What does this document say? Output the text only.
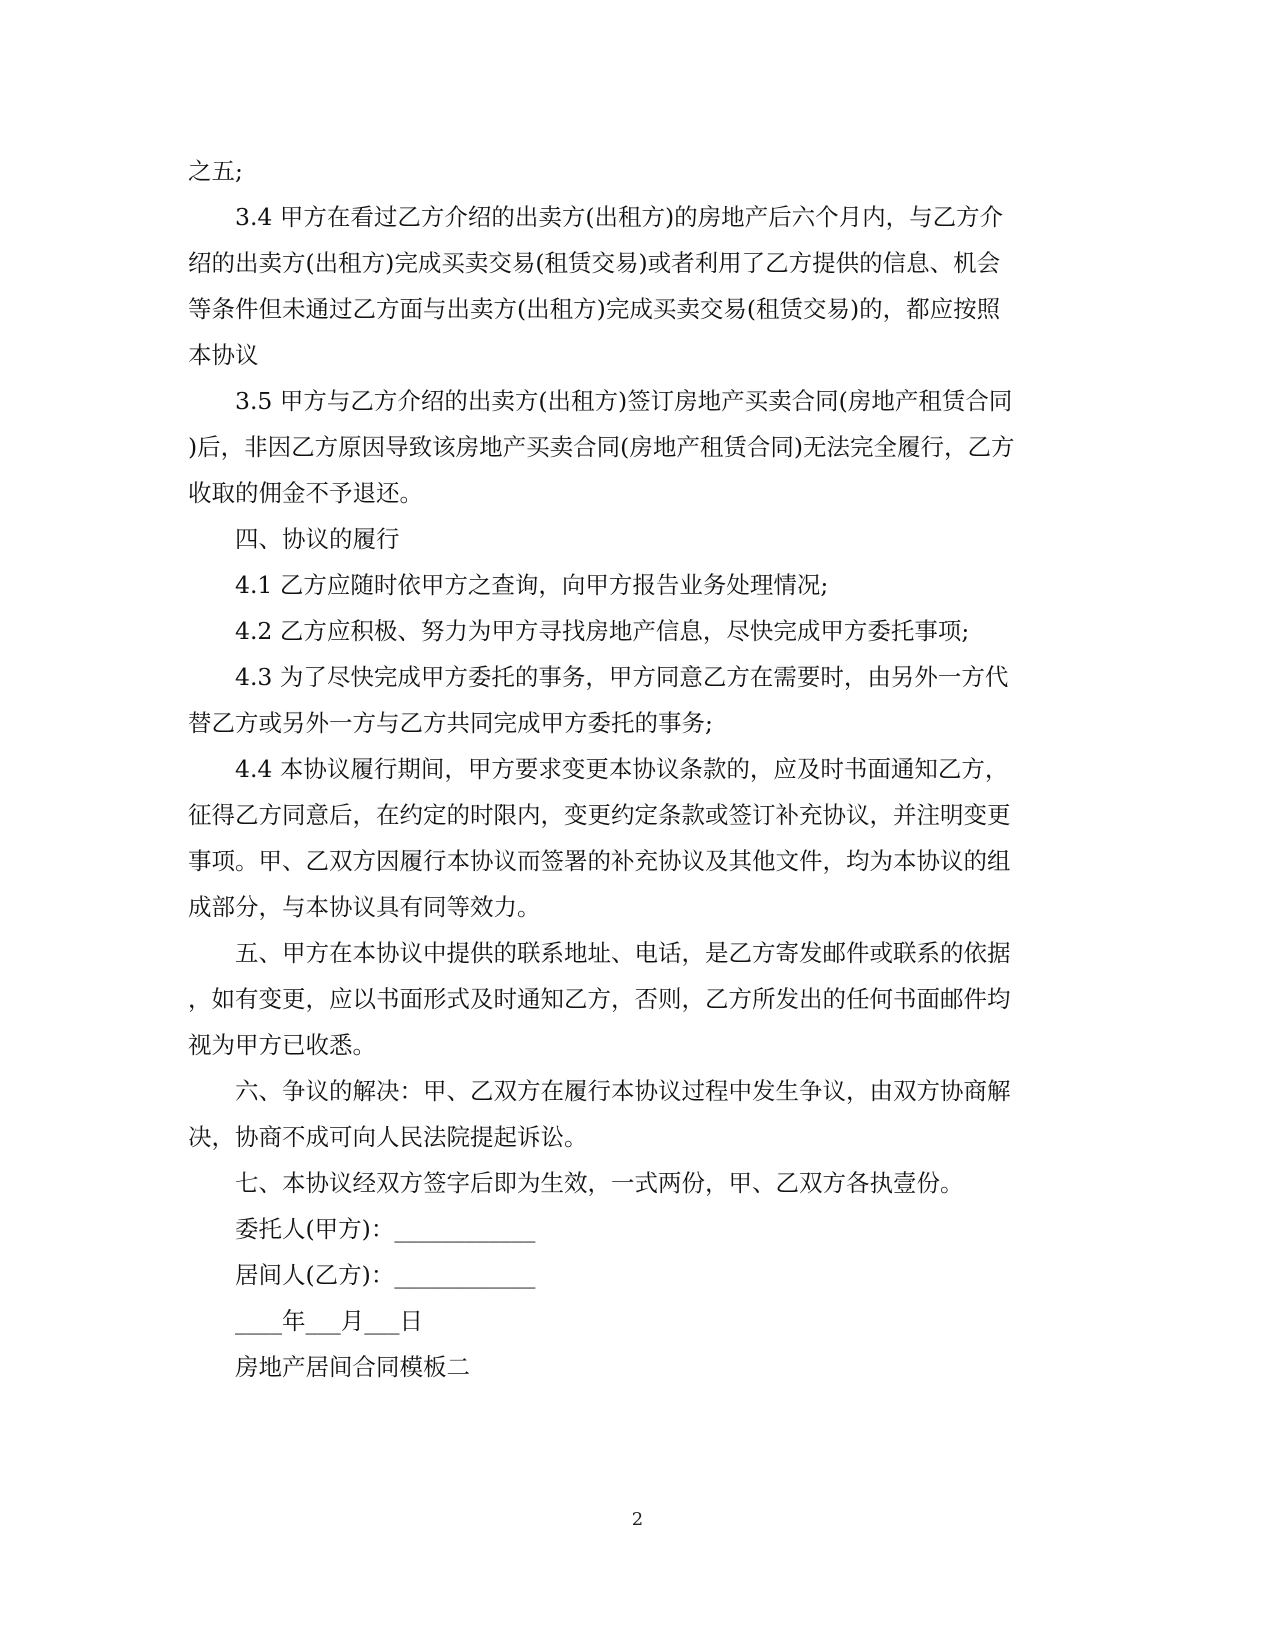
之五;
3.4 甲方在看过乙方介绍的出卖方(出租方)的房地产后六个月内，与乙方介
绍的出卖方(出租方)完成买卖交易(租赁交易)或者利用了乙方提供的信息、机会
等条件但未通过乙方面与出卖方(出租方)完成买卖交易(租赁交易)的，都应按照
本协议
3.5 甲方与乙方介绍的出卖方(出租方)签订房地产买卖合同(房地产租赁合同
)后，非因乙方原因导致该房地产买卖合同(房地产租赁合同)无法完全履行，乙方
收取的佣金不予退还。
四、协议的履行
4.1 乙方应随时依甲方之查询，向甲方报告业务处理情况;
4.2 乙方应积极、努力为甲方寻找房地产信息，尽快完成甲方委托事项;
4.3 为了尽快完成甲方委托的事务，甲方同意乙方在需要时，由另外一方代
替乙方或另外一方与乙方共同完成甲方委托的事务;
4.4 本协议履行期间，甲方要求变更本协议条款的，应及时书面通知乙方，
征得乙方同意后，在约定的时限内，变更约定条款或签订补充协议，并注明变更
事项。甲、乙双方因履行本协议而签署的补充协议及其他文件，均为本协议的组
成部分，与本协议具有同等效力。
五、甲方在本协议中提供的联系地址、电话，是乙方寄发邮件或联系的依据
，如有变更，应以书面形式及时通知乙方，否则，乙方所发出的任何书面邮件均
视为甲方已收悉。
六、争议的解决：甲、乙双方在履行本协议过程中发生争议，由双方协商解
决，协商不成可向人民法院提起诉讼。
七、本协议经双方签字后即为生效，一式两份，甲、乙双方各执壹份。
委托人(甲方)：____________
居间人(乙方)：____________
____年___月___日
房地产居间合同模板二
2
